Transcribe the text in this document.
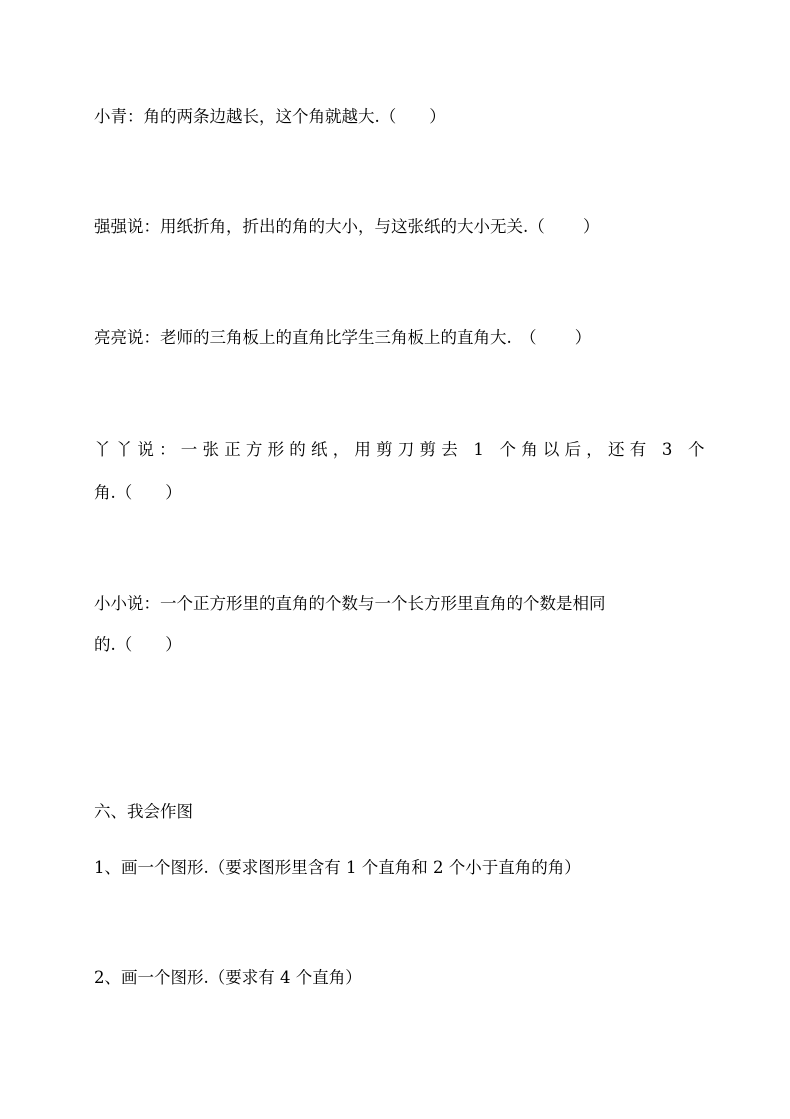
小青：角的两条边越长，这个角就越大.（　　）
强强说：用纸折角，折出的角的大小，与这张纸的大小无关.（　　 ）
亮亮说：老师的三角板上的直角比学生三角板上的直角大.　（　　 ）
丫丫说：一张正方形的纸，用剪刀剪去 1 个角以后，还有 3 个
角.（　　）
小小说：一个正方形里的直角的个数与一个长方形里直角的个数是相同
的.（　　）
六、我会作图
1、画一个图形.（要求图形里含有 1 个直角和 2 个小于直角的角）
2、画一个图形.（要求有 4 个直角）
